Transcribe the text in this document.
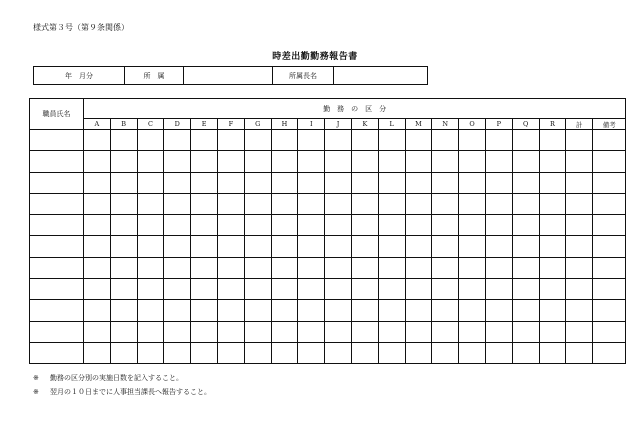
様式第３号（第９条関係）
時差出勤勤務報告書
年　月分	所　属		所属長名	
職員氏名	勤　務　の　区　分																			
	A	B	C	D	E	F	G	H	I	J	K	L	M	N	O	P	Q	R	計	備考

※ 勤務の区分別の実施日数を記入すること。
※ 翌月の１０日までに人事担当課長へ報告すること。
